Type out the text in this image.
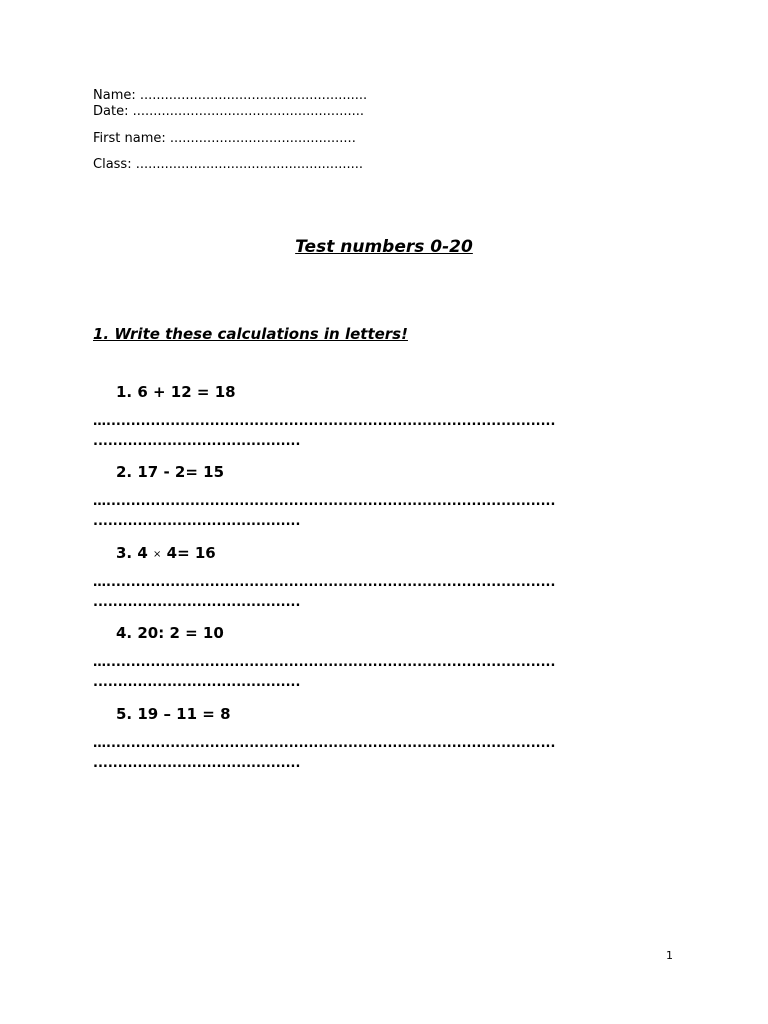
Name: .......................................................
Date: ........................................................
First name: .............................................
Class: .......................................................
Test numbers 0-20
1. Write these calculations in letters!
1. 6 + 12 = 18
…...........................................................................................
..........................................
2. 17 - 2= 15
…...........................................................................................
..........................................
3. 4 × 4= 16
…...........................................................................................
..........................................
4. 20: 2 = 10
…...........................................................................................
..........................................
5. 19 – 11 = 8
…...........................................................................................
..........................................
1
